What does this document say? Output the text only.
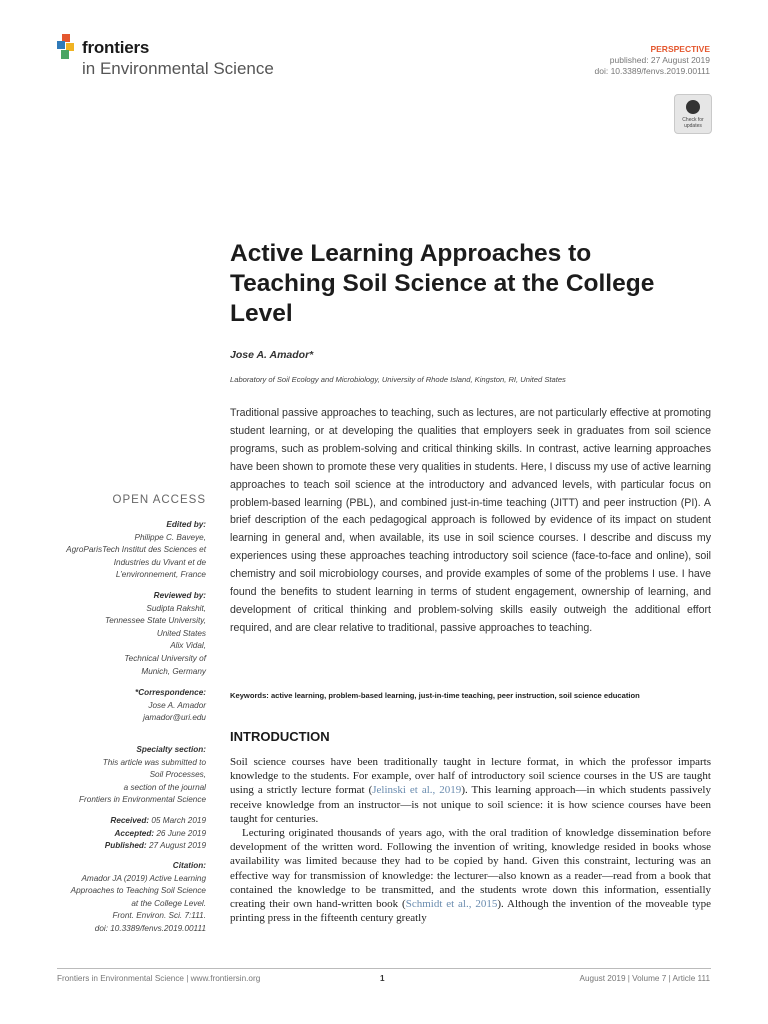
frontiers
in Environmental Science
PERSPECTIVE
published: 27 August 2019
doi: 10.3389/fenvs.2019.00111
Check for updates
Active Learning Approaches to Teaching Soil Science at the College Level
Jose A. Amador*
Laboratory of Soil Ecology and Microbiology, University of Rhode Island, Kingston, RI, United States
Traditional passive approaches to teaching, such as lectures, are not particularly effective at promoting student learning, or at developing the qualities that employers seek in graduates from soil science programs, such as problem-solving and critical thinking skills. In contrast, active learning approaches have been shown to promote these very qualities in students. Here, I discuss my use of active learning approaches to teach soil science at the introductory and advanced levels, with particular focus on problem-based learning (PBL), and combined just-in-time teaching (JITT) and peer instruction (PI). A brief description of the each pedagogical approach is followed by evidence of its impact on student learning in general and, when available, its use in soil science courses. I describe and discuss my experiences using these approaches teaching introductory soil science (face-to-face and online), soil chemistry and soil microbiology courses, and provide examples of some of the problems I use. I have found the benefits to student learning in terms of student engagement, ownership of learning, and development of critical thinking and problem-solving skills easily outweigh the additional effort required, and are clear relative to traditional, passive approaches to teaching.
Keywords: active learning, problem-based learning, just-in-time teaching, peer instruction, soil science education
INTRODUCTION
Soil science courses have been traditionally taught in lecture format, in which the professor imparts knowledge to the students. For example, over half of introductory soil science courses in the US are taught using a strictly lecture format (Jelinski et al., 2019). This learning approach—in which students passively receive knowledge from an instructor—is not unique to soil science: it is how science courses have been taught for centuries.
Lecturing originated thousands of years ago, with the oral tradition of knowledge dissemination before development of the written word. Following the invention of writing, knowledge resided in books whose availability was limited because they had to be copied by hand. Given this constraint, lecturing was an effective way for transmission of knowledge: the lecturer—also known as a reader—read from a book that contained the knowledge to be transmitted, and the students wrote down this information, essentially creating their own hand-written book (Schmidt et al., 2015). Although the invention of the moveable type printing press in the fifteenth century greatly
OPEN ACCESS
Edited by:
Philippe C. Baveye,
AgroParisTech Institut des Sciences et
Industries du Vivant et de
L’environnement, France
Reviewed by:
Sudipta Rakshit,
Tennessee State University,
United States
Alix Vidal,
Technical University of
Munich, Germany
*Correspondence:
Jose A. Amador
jamador@uri.edu
Specialty section:
This article was submitted to
Soil Processes,
a section of the journal
Frontiers in Environmental Science
Received: 05 March 2019
Accepted: 26 June 2019
Published: 27 August 2019
Citation:
Amador JA (2019) Active Learning
Approaches to Teaching Soil Science
at the College Level.
Front. Environ. Sci. 7:111.
doi: 10.3389/fenvs.2019.00111
Frontiers in Environmental Science | www.frontiersin.org	1	August 2019 | Volume 7 | Article 111
